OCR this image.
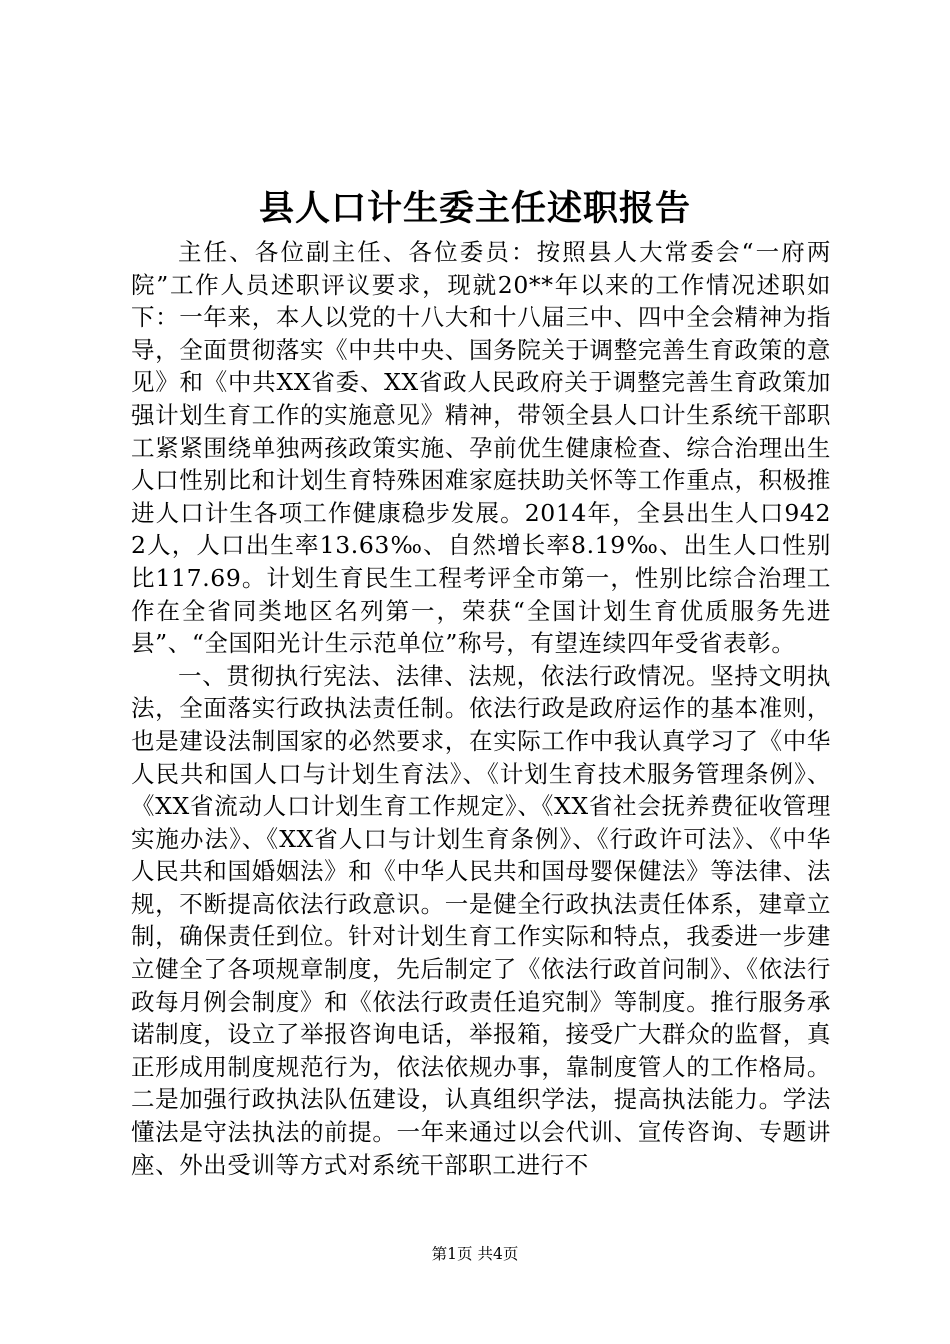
县人口计生委主任述职报告

主任、各位副主任、各位委员：按照县人大常委会“一府两院”工作人员述职评议要求，现就20**年以来的工作情况述职如下：一年来，本人以党的十八大和十八届三中、四中全会精神为指导，全面贯彻落实《中共中央、国务院关于调整完善生育政策的意见》和《中共XX省委、XX省政人民政府关于调整完善生育政策加强计划生育工作的实施意见》精神，带领全县人口计生系统干部职工紧紧围绕单独两孩政策实施、孕前优生健康检查、综合治理出生人口性别比和计划生育特殊困难家庭扶助关怀等工作重点，积极推进人口计生各项工作健康稳步发展。2014年，全县出生人口9422人，人口出生率13.63‰、自然增长率8.19‰、出生人口性别比117.69。计划生育民生工程考评全市第一，性别比综合治理工作在全省同类地区名列第一，荣获“全国计划生育优质服务先进县”、“全国阳光计生示范单位”称号，有望连续四年受省表彰。

一、贯彻执行宪法、法律、法规，依法行政情况。坚持文明执法，全面落实行政执法责任制。依法行政是政府运作的基本准则，也是建设法制国家的必然要求，在实际工作中我认真学习了《中华人民共和国人口与计划生育法》、《计划生育技术服务管理条例》、《XX省流动人口计划生育工作规定》、《XX省社会抚养费征收管理实施办法》、《XX省人口与计划生育条例》、《行政许可法》、《中华人民共和国婚姻法》和《中华人民共和国母婴保健法》等法律、法规，不断提高依法行政意识。一是健全行政执法责任体系，建章立制，确保责任到位。针对计划生育工作实际和特点，我委进一步建立健全了各项规章制度，先后制定了《依法行政首问制》、《依法行政每月例会制度》和《依法行政责任追究制》等制度。推行服务承诺制度，设立了举报咨询电话，举报箱，接受广大群众的监督，真正形成用制度规范行为，依法依规办事，靠制度管人的工作格局。二是加强行政执法队伍建设，认真组织学法，提高执法能力。学法懂法是守法执法的前提。一年来通过以会代训、宣传咨询、专题讲座、外出受训等方式对系统干部职工进行不

第1页 共4页
